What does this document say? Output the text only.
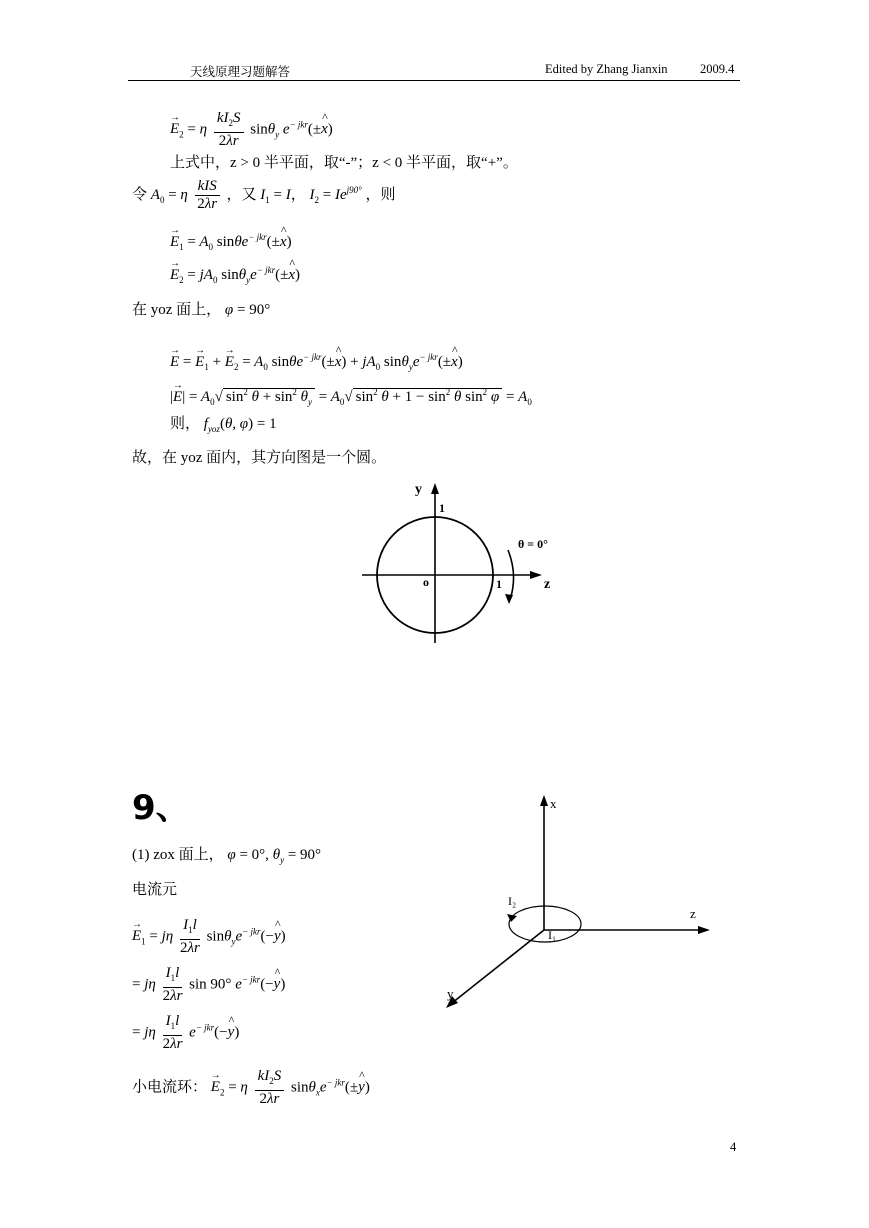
天线原理习题解答	Edited by Zhang Jianxin	2009.4
→ $E_2 = \eta \frac{kI_2S}{2\lambda r} \sin\theta_y$ $e^{- jkr}(\pm\^{}$ x)
上式中，z > 0 半平面，取“-”；z < 0 半平面，取“+”。
令 $A_0 = \eta \frac{\text{kIS}}{2\lambda r}$ ，又 $I_1 = I$， $I_2 = Ie^{j90^\circ}$ ，则
→ $E_1 = A_0$ sinθe$^{- jkr}$(±^ x)
→ $E_2 = jA_0$ $\sin\theta_ye^{- jkr}(\pm\^{}$ x)
在 yoz 面上， φ = 90°
→ E = → $E_1$ + → $E_2 = A_0$ sinθe$^{- jkr}$(±^ $x) + jA_0$ $\sin\theta_ye^{- jkr}(\pm\^{}$ x)
|→ $E| = A_0√$ $\sin^2 \theta + \sin^2 \theta_y = A_0√$ $\sin^2 \theta + 1 - \sin^2 \theta$ $\sin^2 \varphi = A_0$
则， $f_{yoz}(\theta$, φ) = 1
故，在 yoz 面内，其方向图是一个圆。
y
z
o
1
1
θ = 0°
9、
(1) zox 面上， φ = 0°, $\theta_y = 90^\circ$
电流元
→ $E_1 = j\eta \frac{I_1l}{2\lambda r}$ $\sin\theta_ye^{- jkr}(-\^{}$ y)
= jη $\frac{I_1l}{2\lambda r}$ sin 90° $e^{- jkr}(-\^{}$ y)
= jη $\frac{I_1l}{2\lambda r}$ $e^{- jkr}(-\^{}$ y)
小电流环： → $E_2 = \eta \frac{kI_2S}{2\lambda r}$ $\sin\theta_xe^{- jkr}(\pm\^{}$ y)
x
z
y
I₁
I₂
4
